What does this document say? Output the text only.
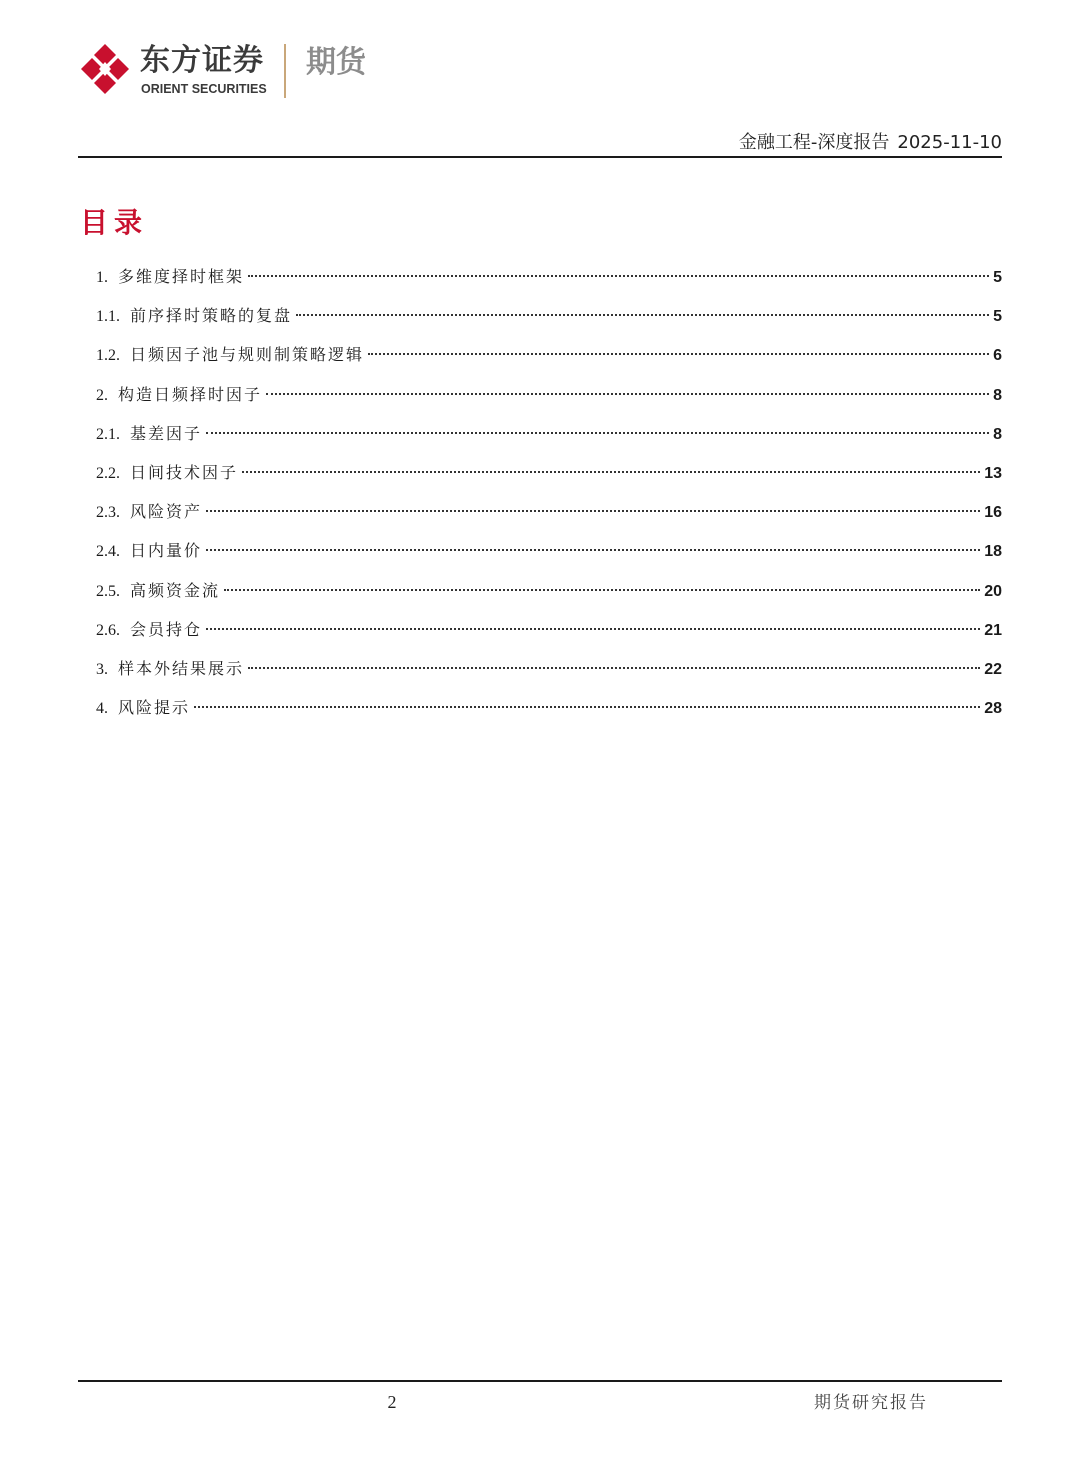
东方证券
ORIENT SECURITIES
期货
金融工程-深度报告 2025-11-10
目录
1. 多维度择时框架	5
1.1. 前序择时策略的复盘	5
1.2. 日频因子池与规则制策略逻辑	6
2. 构造日频择时因子	8
2.1. 基差因子	8
2.2. 日间技术因子	13
2.3. 风险资产	16
2.4. 日内量价	18
2.5. 高频资金流	20
2.6. 会员持仓	21
3. 样本外结果展示	22
4. 风险提示	28
2	期货研究报告
